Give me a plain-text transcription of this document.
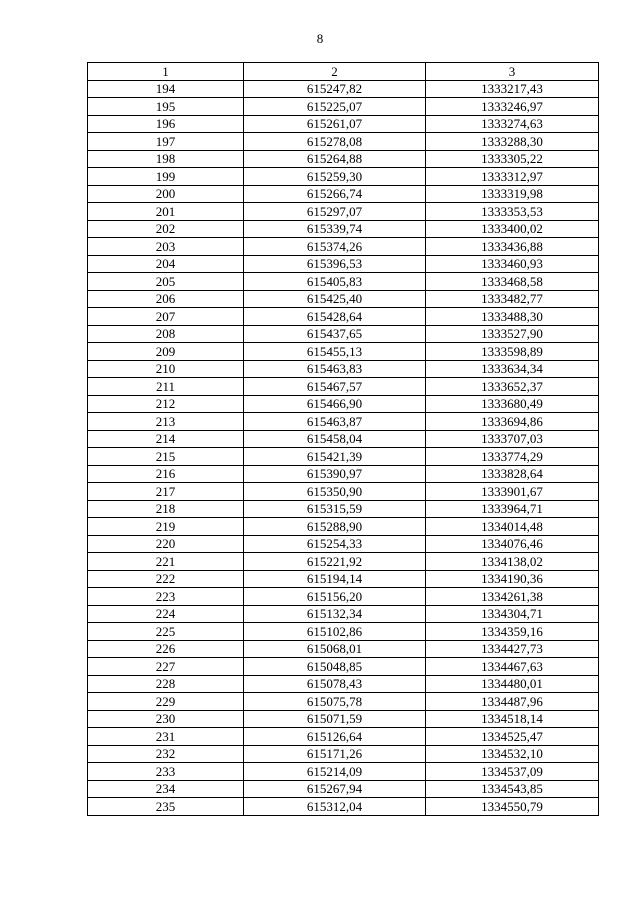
8
1	2	3
194	615247,82	1333217,43
195	615225,07	1333246,97
196	615261,07	1333274,63
197	615278,08	1333288,30
198	615264,88	1333305,22
199	615259,30	1333312,97
200	615266,74	1333319,98
201	615297,07	1333353,53
202	615339,74	1333400,02
203	615374,26	1333436,88
204	615396,53	1333460,93
205	615405,83	1333468,58
206	615425,40	1333482,77
207	615428,64	1333488,30
208	615437,65	1333527,90
209	615455,13	1333598,89
210	615463,83	1333634,34
211	615467,57	1333652,37
212	615466,90	1333680,49
213	615463,87	1333694,86
214	615458,04	1333707,03
215	615421,39	1333774,29
216	615390,97	1333828,64
217	615350,90	1333901,67
218	615315,59	1333964,71
219	615288,90	1334014,48
220	615254,33	1334076,46
221	615221,92	1334138,02
222	615194,14	1334190,36
223	615156,20	1334261,38
224	615132,34	1334304,71
225	615102,86	1334359,16
226	615068,01	1334427,73
227	615048,85	1334467,63
228	615078,43	1334480,01
229	615075,78	1334487,96
230	615071,59	1334518,14
231	615126,64	1334525,47
232	615171,26	1334532,10
233	615214,09	1334537,09
234	615267,94	1334543,85
235	615312,04	1334550,79
